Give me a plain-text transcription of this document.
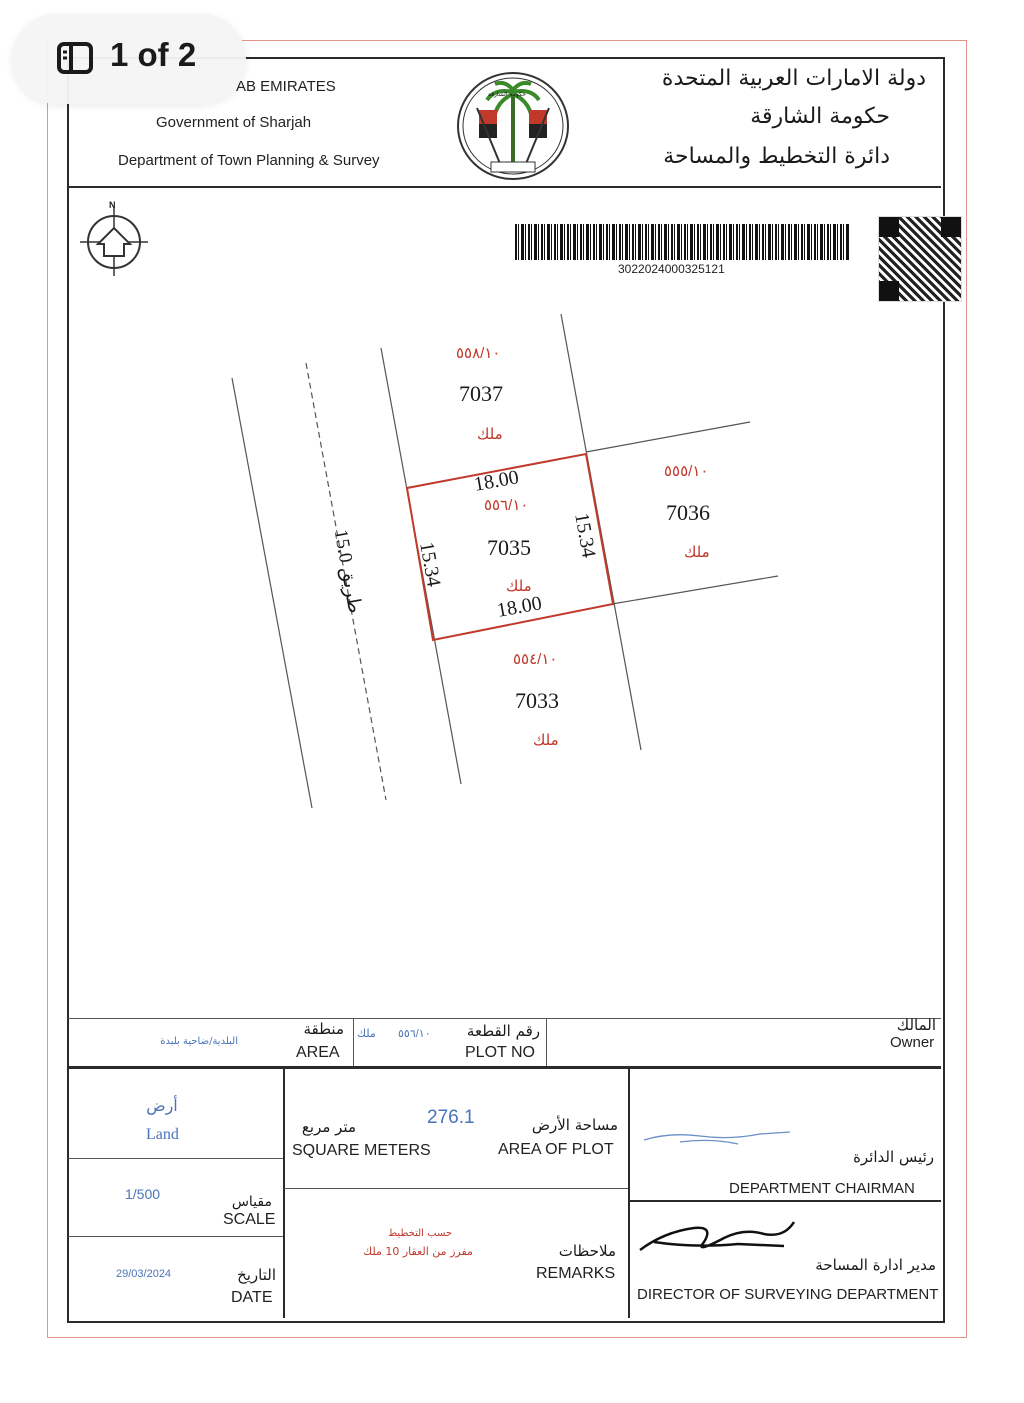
AB EMIRATES
Government of Sharjah
Department of Town Planning & Survey
دولة الامارات العربية المتحدة
حكومة الشارقة
دائرة التخطيط والمساحة
حكومة الشارقة
N
3022024000325121
٥٥٨/١٠
7037
ملك
٥٥٥/١٠
7036
ملك
٥٥٦/١٠
7035
ملك
٥٥٤/١٠
7033
ملك
18.00
18.00
15.34
15.34
طريق 15.0
المالك
Owner
رقم القطعة
PLOT NO
٥٥٦/١٠
ملك
منطقة
AREA
البلدية/ضاحية بلبدة
أرض
Land
1/500	مقياس
SCALE
29/03/2024	التاريخ
DATE
متر مربع
SQUARE METERS
276.1	مساحة الأرض
AREA OF PLOT
حسب التخطيط
مفرز من العقار 10 ملك	ملاحظات
REMARKS
رئيس الدائرة
DEPARTMENT CHAIRMAN
مدير ادارة المساحة
DIRECTOR OF SURVEYING DEPARTMENT
1 of 2
